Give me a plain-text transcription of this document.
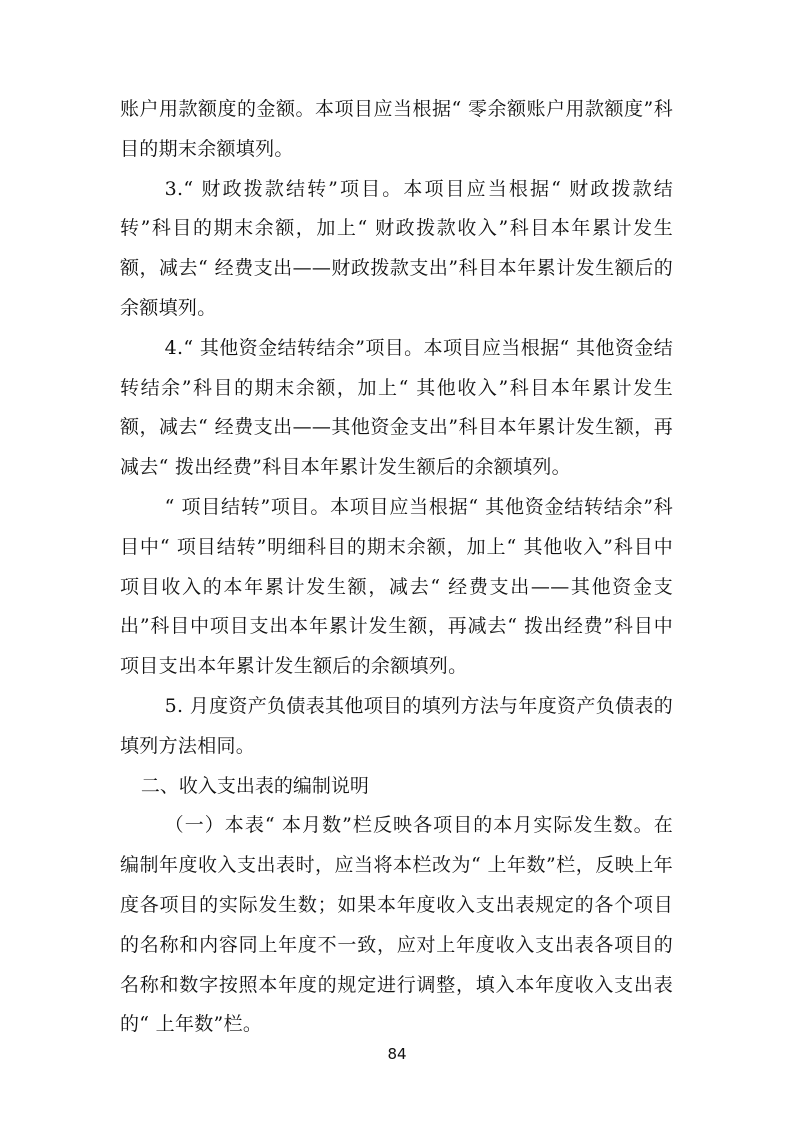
账户用款额度的金额。本项目应当根据“ 零余额账户用款额度”科目的期末余额填列。

3.“ 财政拨款结转”项目。本项目应当根据“ 财政拨款结转”科目的期末余额，加上“ 财政拨款收入”科目本年累计发生额，减去“ 经费支出——财政拨款支出”科目本年累计发生额后的余额填列。

4.“ 其他资金结转结余”项目。本项目应当根据“ 其他资金结转结余”科目的期末余额，加上“ 其他收入”科目本年累计发生额，减去“ 经费支出——其他资金支出”科目本年累计发生额，再减去“ 拨出经费”科目本年累计发生额后的余额填列。

“ 项目结转”项目。本项目应当根据“ 其他资金结转结余”科目中“ 项目结转”明细科目的期末余额，加上“ 其他收入”科目中项目收入的本年累计发生额，减去“ 经费支出——其他资金支出”科目中项目支出本年累计发生额，再减去“ 拨出经费”科目中项目支出本年累计发生额后的余额填列。

5. 月度资产负债表其他项目的填列方法与年度资产负债表的填列方法相同。

二、收入支出表的编制说明

（一）本表“ 本月数”栏反映各项目的本月实际发生数。在编制年度收入支出表时，应当将本栏改为“ 上年数”栏，反映上年度各项目的实际发生数；如果本年度收入支出表规定的各个项目的名称和内容同上年度不一致，应对上年度收入支出表各项目的名称和数字按照本年度的规定进行调整，填入本年度收入支出表的“ 上年数”栏。

84
